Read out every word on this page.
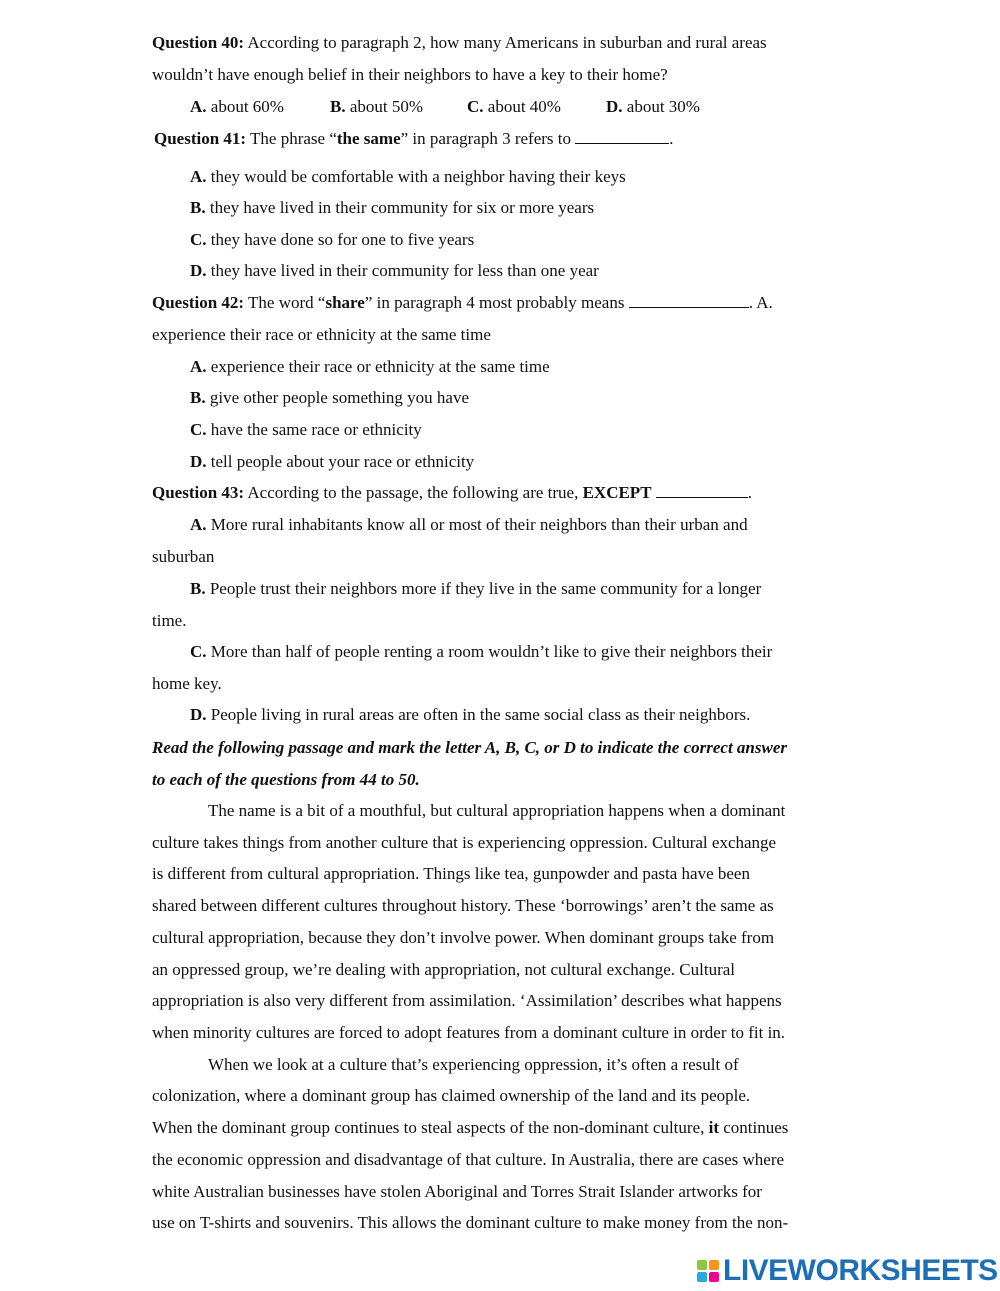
Question 40: According to paragraph 2, how many Americans in suburban and rural areas
wouldn’t have enough belief in their neighbors to have a key to their home?
A. about 60%	B. about 50%	C. about 40%	D. about 30%
Question 41: The phrase “the same” in paragraph 3 refers to	.
A. they would be comfortable with a neighbor having their keys
B. they have lived in their community for six or more years
C. they have done so for one to five years
D. they have lived in their community for less than one year
Question 42: The word “share” in paragraph 4 most probably means	. A.
experience their race or ethnicity at the same time
A. experience their race or ethnicity at the same time
B. give other people something you have
C. have the same race or ethnicity
D. tell people about your race or ethnicity
Question 43: According to the passage, the following are true, EXCEPT	.
A. More rural inhabitants know all or most of their neighbors than their urban and
suburban
B. People trust their neighbors more if they live in the same community for a longer
time.
C. More than half of people renting a room wouldn’t like to give their neighbors their
home key.
D. People living in rural areas are often in the same social class as their neighbors.
Read the following passage and mark the letter A, B, C, or D to indicate the correct answer
to each of the questions from 44 to 50.
The name is a bit of a mouthful, but cultural appropriation happens when a dominant
culture takes things from another culture that is experiencing oppression. Cultural exchange
is different from cultural appropriation. Things like tea, gunpowder and pasta have been
shared between different cultures throughout history. These ‘borrowings’ aren’t the same as
cultural appropriation, because they don’t involve power. When dominant groups take from
an oppressed group, we’re dealing with appropriation, not cultural exchange. Cultural
appropriation is also very different from assimilation. ‘Assimilation’ describes what happens
when minority cultures are forced to adopt features from a dominant culture in order to fit in.
When we look at a culture that’s experiencing oppression, it’s often a result of
colonization, where a dominant group has claimed ownership of the land and its people.
When the dominant group continues to steal aspects of the non-dominant culture, it continues
the economic oppression and disadvantage of that culture. In Australia, there are cases where
white Australian businesses have stolen Aboriginal and Torres Strait Islander artworks for
use on T-shirts and souvenirs. This allows the dominant culture to make money from the non-
LIVEWORKSHEETS
